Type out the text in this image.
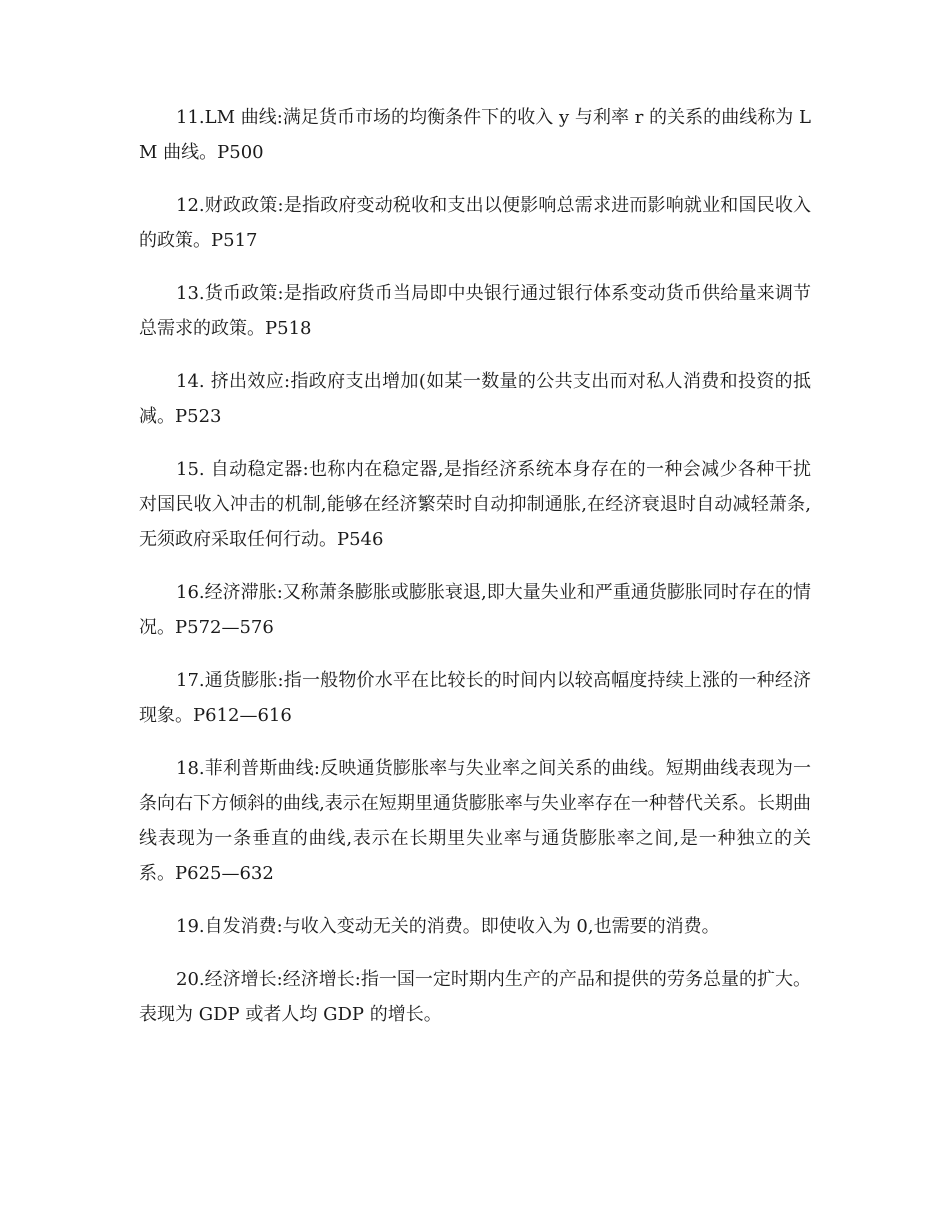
11.LM 曲线:满足货币市场的均衡条件下的收入 y 与利率 r 的关系的曲线称为 LM 曲线。P500

12.财政政策:是指政府变动税收和支出以便影响总需求进而影响就业和国民收入的政策。P517

13.货币政策:是指政府货币当局即中央银行通过银行体系变动货币供给量来调节总需求的政策。P518

14. 挤出效应:指政府支出增加(如某一数量的公共支出而对私人消费和投资的抵减。P523

15. 自动稳定器:也称内在稳定器,是指经济系统本身存在的一种会减少各种干扰对国民收入冲击的机制,能够在经济繁荣时自动抑制通胀,在经济衰退时自动减轻萧条,无须政府采取任何行动。P546

16.经济滞胀:又称萧条膨胀或膨胀衰退,即大量失业和严重通货膨胀同时存在的情况。P572—576

17.通货膨胀:指一般物价水平在比较长的时间内以较高幅度持续上涨的一种经济现象。P612—616

18.菲利普斯曲线:反映通货膨胀率与失业率之间关系的曲线。短期曲线表现为一条向右下方倾斜的曲线,表示在短期里通货膨胀率与失业率存在一种替代关系。长期曲线表现为一条垂直的曲线,表示在长期里失业率与通货膨胀率之间,是一种独立的关系。P625—632

19.自发消费:与收入变动无关的消费。即使收入为 0,也需要的消费。

20.经济增长:经济增长:指一国一定时期内生产的产品和提供的劳务总量的扩大。表现为 GDP 或者人均 GDP 的增长。
